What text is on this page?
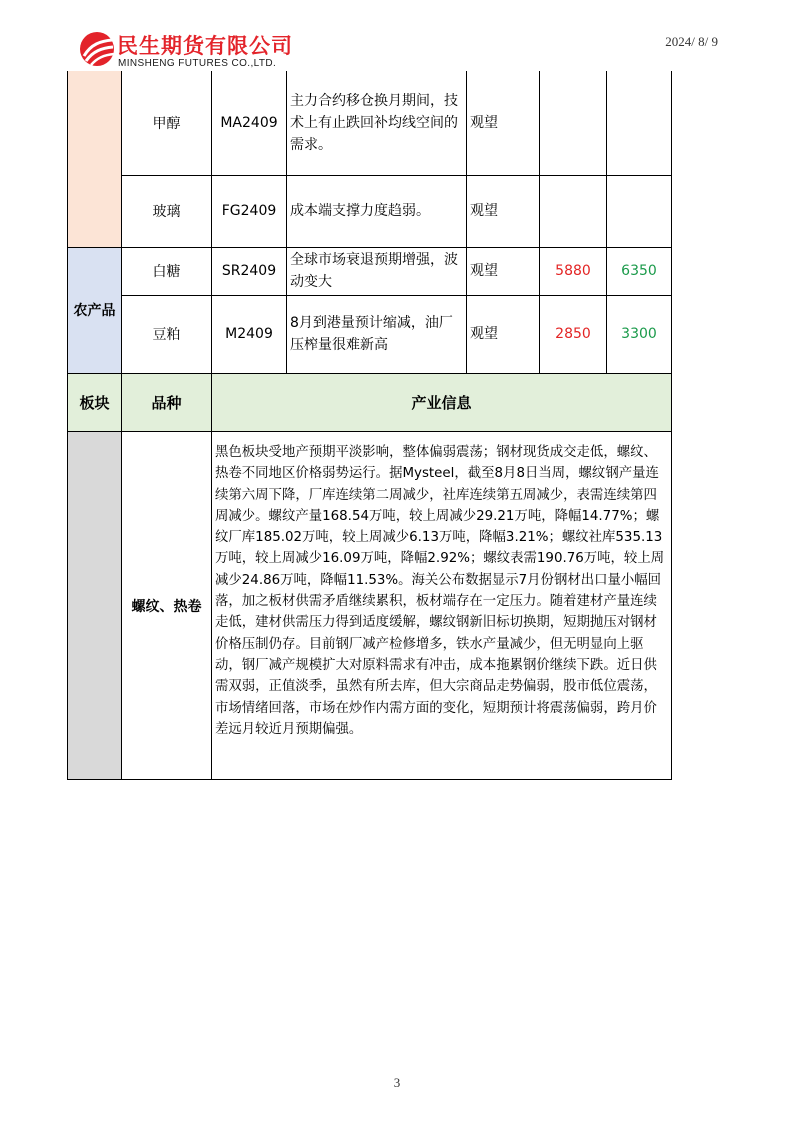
民生期货有限公司
MINSHENG FUTURES CO.,LTD.
2024/ 8/ 9
	甲醇	MA2409	主力合约移仓换月期间，技术上有止跌回补均线空间的需求。	观望		
	玻璃	FG2409	成本端支撑力度趋弱。	观望		
农产品	白糖	SR2409	全球市场衰退预期增强，波动变大	观望	5880	6350
	豆粕	M2409	8月到港量预计缩减，油厂压榨量很难新高	观望	2850	3300
板块	品种	产业信息
	螺纹、热卷	黑色板块受地产预期平淡影响，整体偏弱震荡；钢材现货成交走低，螺纹、热卷不同地区价格弱势运行。据Mysteel，截至8月8日当周，螺纹钢产量连续第六周下降，厂库连续第二周减少，社库连续第五周减少，表需连续第四周减少。螺纹产量168.54万吨，较上周减少29.21万吨，降幅14.77%；螺纹厂库185.02万吨，较上周减少6.13万吨，降幅3.21%；螺纹社库535.13万吨，较上周减少16.09万吨，降幅2.92%；螺纹表需190.76万吨，较上周减少24.86万吨，降幅11.53%。海关公布数据显示7月份钢材出口量小幅回落，加之板材供需矛盾继续累积，板材端存在一定压力。随着建材产量连续走低，建材供需压力得到适度缓解，螺纹钢新旧标切换期，短期抛压对钢材价格压制仍存。目前钢厂减产检修增多，铁水产量减少，但无明显向上驱动，钢厂减产规模扩大对原料需求有冲击，成本拖累钢价继续下跌。近日供需双弱，正值淡季，虽然有所去库，但大宗商品走势偏弱，股市低位震荡，市场情绪回落，市场在炒作内需方面的变化，短期预计将震荡偏弱，跨月价差远月较近月预期偏强。
3
